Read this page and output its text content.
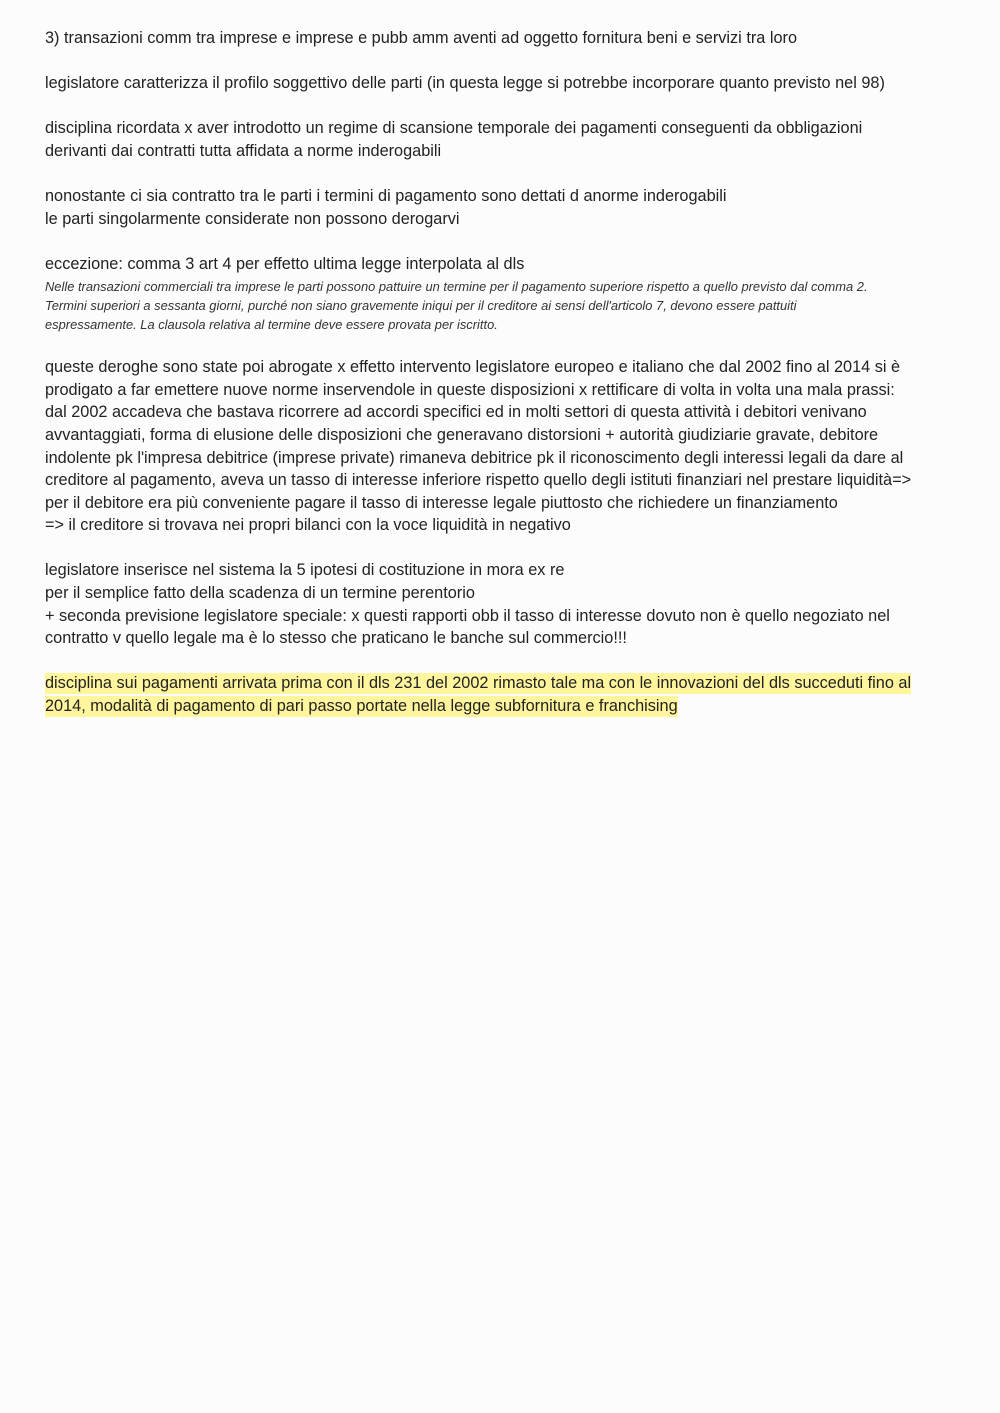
3) transazioni comm tra imprese e imprese e pubb amm aventi ad oggetto fornitura beni e servizi tra loro
legislatore caratterizza il profilo soggettivo delle parti (in questa legge si potrebbe incorporare quanto previsto nel 98)
disciplina ricordata x aver introdotto un regime di scansione temporale dei pagamenti conseguenti da obbligazioni
derivanti dai contratti tutta affidata a norme inderogabili
nonostante ci sia contratto tra le parti i termini di pagamento sono dettati d anorme inderogabili
le parti singolarmente considerate non possono derogarvi
eccezione: comma 3 art 4 per effetto ultima legge interpolata al dls
Nelle transazioni commerciali tra imprese le parti possono pattuire un termine per il pagamento superiore rispetto a quello previsto dal comma 2.
Termini superiori a sessanta giorni, purché non siano gravemente iniqui per il creditore ai sensi dell'articolo 7, devono essere pattuiti
espressamente. La clausola relativa al termine deve essere provata per iscritto.
queste deroghe sono state poi abrogate x effetto intervento legislatore europeo e italiano che dal 2002 fino al 2014 si è
prodigato a far emettere nuove norme inservendole in queste disposizioni x rettificare di volta in volta una mala prassi:
dal 2002 accadeva che bastava ricorrere ad accordi specifici ed in molti settori di questa attività i debitori venivano
avvantaggiati, forma di elusione delle disposizioni che generavano distorsioni + autorità giudiziarie gravate, debitore
indolente pk l'impresa debitrice (imprese private) rimaneva debitrice pk il riconoscimento degli interessi legali da dare al
creditore al pagamento, aveva un tasso di interesse inferiore rispetto quello degli istituti finanziari nel prestare liquidità=>
per il debitore era più conveniente pagare il tasso di interesse legale piuttosto che richiedere un finanziamento
=> il creditore si trovava nei propri bilanci con la voce liquidità in negativo
legislatore inserisce nel sistema la 5 ipotesi di costituzione in mora ex re
per il semplice fatto della scadenza di un termine perentorio
+ seconda previsione legislatore speciale: x questi rapporti obb il tasso di interesse dovuto non è quello negoziato nel
contratto v quello legale ma è lo stesso che praticano le banche sul commercio!!!
disciplina sui pagamenti arrivata prima con il dls 231 del 2002 rimasto tale ma con le innovazioni del dls succeduti fino al
2014, modalità di pagamento di pari passo portate nella legge subfornitura e franchising
